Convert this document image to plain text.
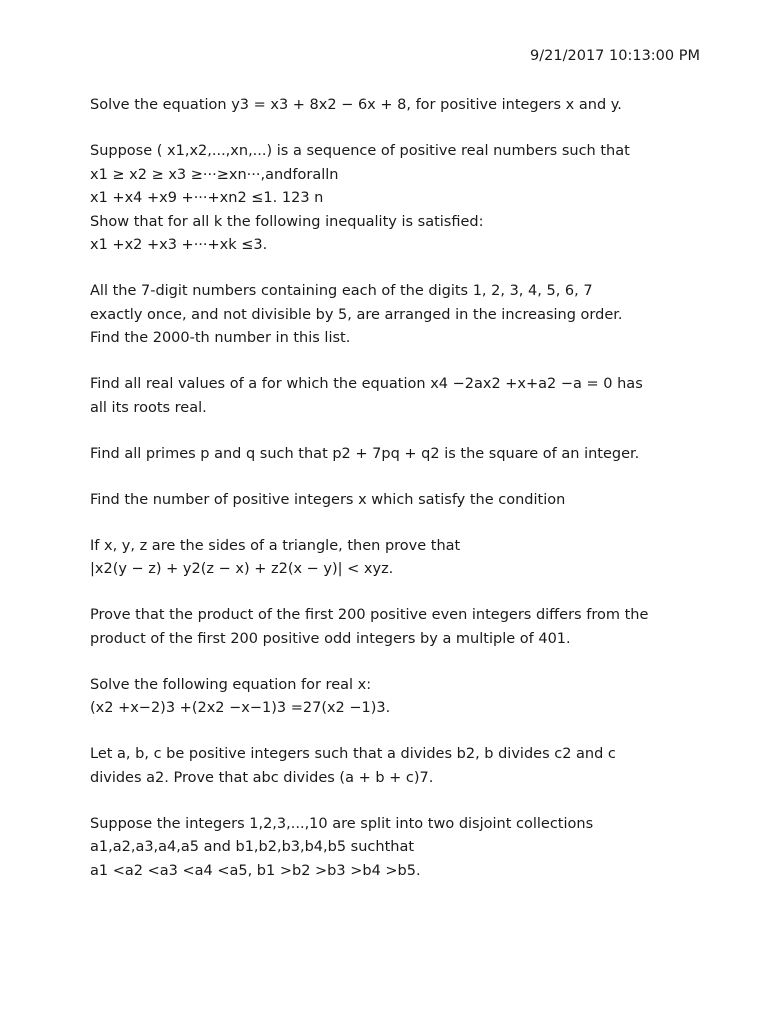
9/21/2017 10:13:00 PM
Solve the equation y3 = x3 + 8x2 − 6x + 8, for positive integers x and y.
Suppose ( x1,x2,...,xn,...) is a sequence of positive real numbers such that
x1 ≥ x2 ≥ x3 ≥···≥xn···,andforalln
x1 +x4 +x9 +···+xn2 ≤1. 123 n
Show that for all k the following inequality is satisfied:
x1 +x2 +x3 +···+xk ≤3.
All the 7-digit numbers containing each of the digits 1, 2, 3, 4, 5, 6, 7
exactly once, and not divisible by 5, are arranged in the increasing order.
Find the 2000-th number in this list.
Find all real values of a for which the equation x4 −2ax2 +x+a2 −a = 0 has
all its roots real.
Find all primes p and q such that p2 + 7pq + q2 is the square of an integer.
Find the number of positive integers x which satisfy the condition
If x, y, z are the sides of a triangle, then prove that
|x2(y − z) + y2(z − x) + z2(x − y)| < xyz.
Prove that the product of the first 200 positive even integers differs from the
product of the first 200 positive odd integers by a multiple of 401.
Solve the following equation for real x:
(x2 +x−2)3 +(2x2 −x−1)3 =27(x2 −1)3.
Let a, b, c be positive integers such that a divides b2, b divides c2 and c
divides a2. Prove that abc divides (a + b + c)7.
Suppose the integers 1,2,3,...,10 are split into two disjoint collections
a1,a2,a3,a4,a5 and b1,b2,b3,b4,b5 suchthat
a1 <a2 <a3 <a4 <a5, b1 >b2 >b3 >b4 >b5.
